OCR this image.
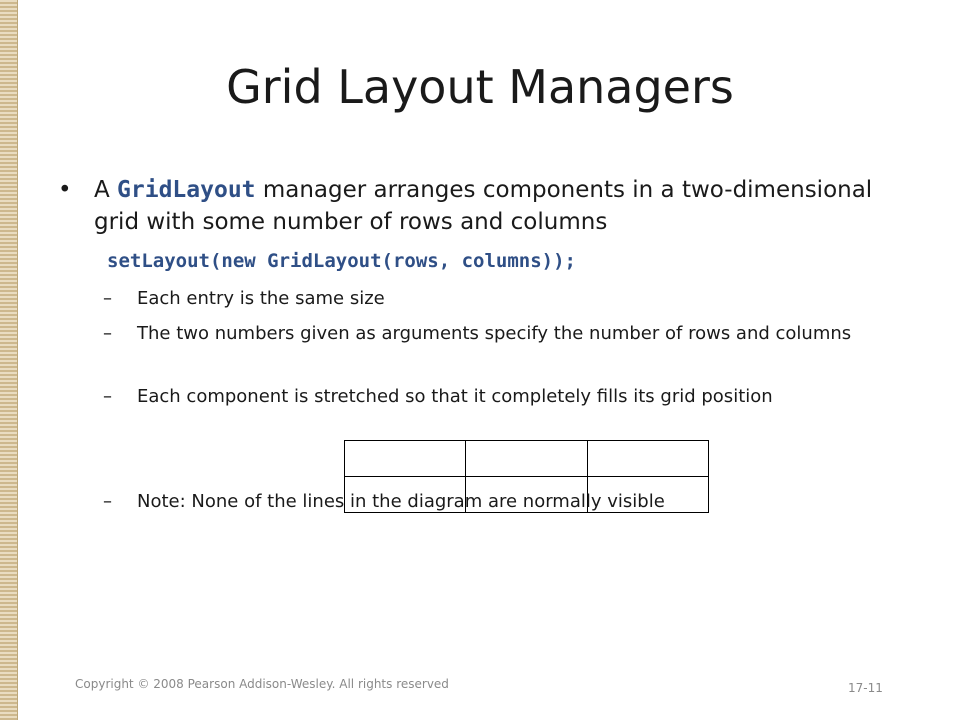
Grid Layout Managers
• A GridLayout manager arranges components in a two-dimensional grid with some number of rows and columns
setLayout(new GridLayout(rows, columns));
– Each entry is the same size
– The two numbers given as arguments specify the number of rows and columns
– Each component is stretched so that it completely fills its grid position
– Note: None of the lines in the diagram are normally visible
Copyright © 2008 Pearson Addison-Wesley. All rights reserved	17-11
